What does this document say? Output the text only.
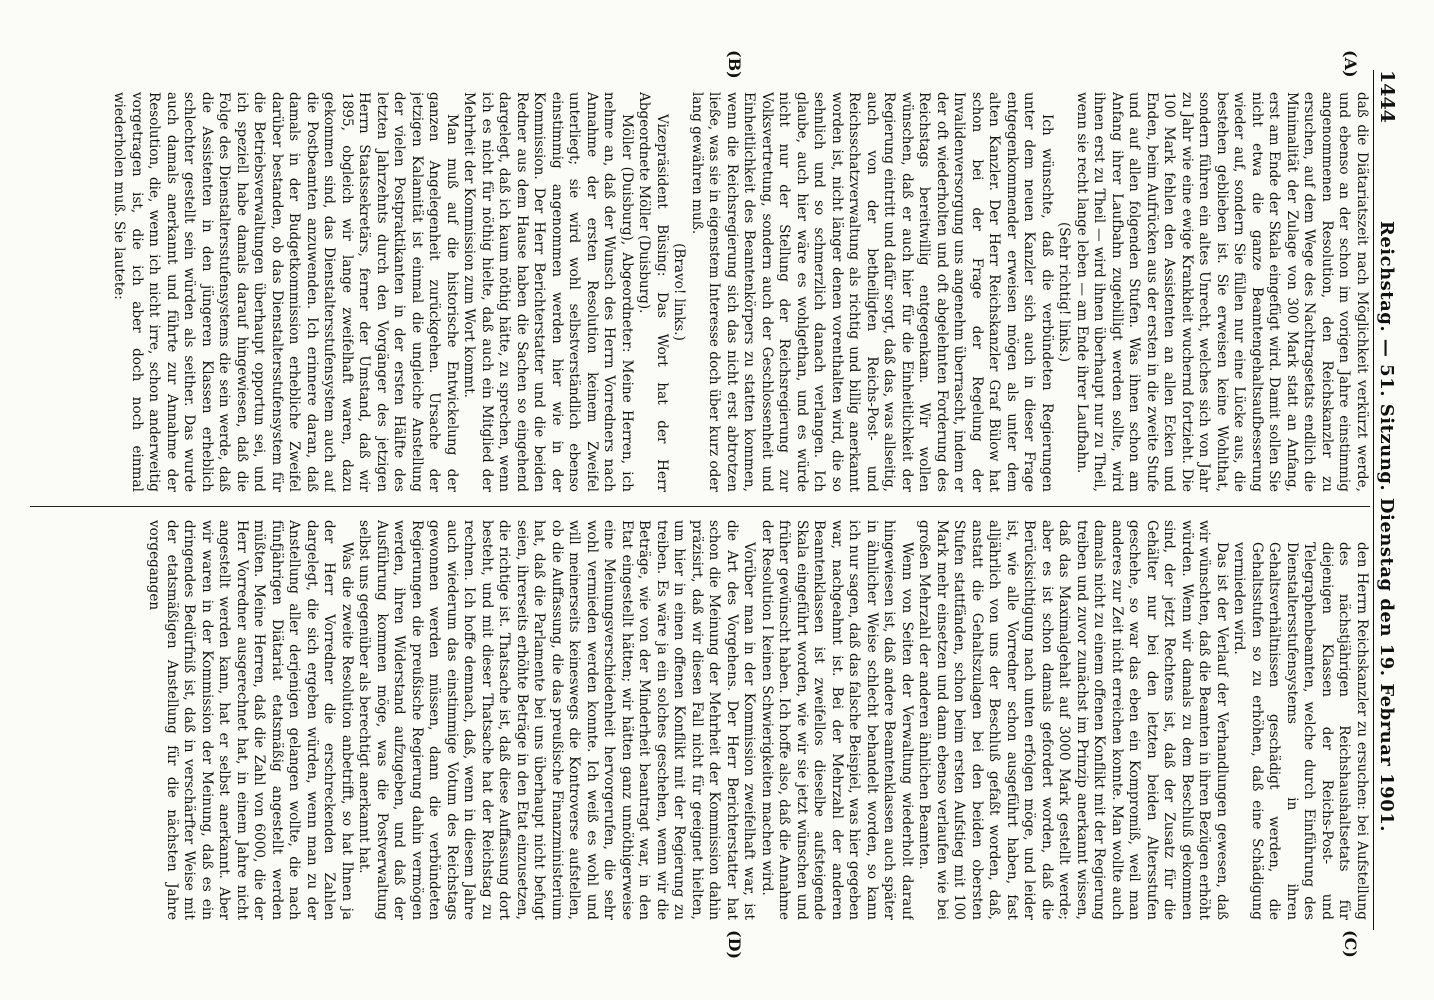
1444
Reichstag. — 51. Sitzung. Dienstag den 19. Februar 1901.
(A)
(B)
(C)
(D)

daß die Diätariatszeit nach Möglichkeit verkürzt werde, und ebenso an der schon im vorigen Jahre einstimmig angenommenen Resolution, den Reichskanzler zu ersuchen, auf dem Wege des Nachtragsetats endlich die Minimalität der Zulage von 300 Mark statt an Anfang, erst am Ende der Skala eingefügt wird. Damit sollen Sie nicht etwa die ganze Beamtengehaltsaufbesserung wieder auf, sondern Sie füllen nur eine Lücke aus, die bestehen geblieben ist. Sie erweisen keine Wohlthat, sondern führen ein altes Unrecht, welches sich von Jahr zu Jahr wie eine ewige Krankheit wuchernd fortzieht. Die 100 Mark fehlen den Assistenten an allen Ecken und Enden, beim Aufrücken aus der ersten in die zweite Stufe und auf allen folgenden Stufen. Was ihnen schon am Anfang ihrer Laufbahn zugebilligt werden sollte, wird ihnen erst zu Theil — wird ihnen überhaupt nur zu Theil, wenn sie recht lange leben — am Ende ihrer Laufbahn.

(Sehr richtig! links.)

Ich wünschte, daß die verbündeten Regierungen unter dem neuen Kanzler sich auch in dieser Frage entgegenkommender erweisen mögen als unter dem alten Kanzler. Der Herr Reichskanzler Graf Bülow hat schon bei der Frage der Regelung der Invalidenversorgung uns angenehm überrascht, indem er der oft wiederholten und oft abgelehnten Forderung des Reichstags bereitwillig entgegenkam. Wir wollen wünschen, daß er auch hier für die Einheitlichkeit der Regierung eintritt und dafür sorgt, daß das, was allseitig, auch von der betheiligten Reichs-Post- und Reichsschatzverwaltung als richtig und billig anerkannt worden ist, nicht länger denen vorenthalten wird, die so sehnlich und so schmerzlich danach verlangen. Ich glaube, auch hier wäre es wohlgethan, und es würde nicht nur der Stellung der Reichsregierung zur Volksvertretung, sondern auch der Geschlossenheit und Einheitlichkeit des Beamtenkörpers zu statten kommen, wenn die Reichsregierung sich das nicht erst abtrotzen ließe, was sie in eigenstem Interesse doch über kurz oder lang gewähren muß.

(Bravo! links.)

Vizepräsident Büsing: Das Wort hat der Herr Abgeordnete Möller (Duisburg).

Möller (Duisburg), Abgeordneter: Meine Herren, ich nehme an, daß der Wunsch des Herrn Vorredners nach Annahme der ersten Resolution keinem Zweifel unterliegt; sie wird wohl selbstverständlich ebenso einstimmig angenommen werden hier wie in der Kommission. Der Herr Berichterstatter und die beiden Redner aus dem Hause haben die Sachen so eingehend dargelegt, daß ich kaum nöthig hätte, zu sprechen, wenn ich es nicht für nöthig hielte, daß auch ein Mitglied der Mehrheit der Kommission zum Wort kommt.

Man muß auf die historische Entwickelung der ganzen Angelegenheit zurückgehen. Ursache der jetzigen Kalamität ist einmal die ungleiche Anstellung der vielen Postpraktikanten in der ersten Hälfte des letzten Jahrzehnts durch den Vorgänger des jetzigen Herrn Staatssekretärs, ferner der Umstand, daß wir 1895, obgleich wir lange zweifelhaft waren, dazu gekommen sind, das Dienstaltersstufensystem auch auf die Postbeamten anzuwenden. Ich erinnere daran, daß damals in der Budgetkommission erhebliche Zweifel darüber bestanden, ob das Dienstaltersstufensystem für die Betriebsverwaltungen überhaupt opportun sei, und ich speziell habe damals darauf hingewiesen, daß die Folge des Dienstaltersstufensystems die sein werde, daß die Assistenten in den jüngeren Klassen erheblich schlechter gestellt sein würden als seither. Das wurde auch damals anerkannt und führte zur Annahme der Resolution, die, wenn ich nicht irre, schon anderweitig vorgetragen ist, die ich aber doch noch einmal wiederholen muß. Sie lautete:

den Herrn Reichskanzler zu ersuchen: bei Aufstellung des nächstjährigen Reichshaushaltsetats für diejenigen Klassen der Reichs-Post- und Telegraphenbeamten, welche durch Einführung des Dienstaltersstufensystems in ihren Gehaltsverhältnissen geschädigt werden, die Gehaltsstufen so zu erhöhen, daß eine Schädigung vermieden wird.

Das ist der Verlauf der Verhandlungen gewesen, daß wir wünschten, daß die Beamten in ihren Bezügen erhöht würden. Wenn wir damals zu dem Beschluß gekommen sind, der jetzt Rechtens ist, daß der Zusatz für die Gehälter nur bei den letzten beiden Altersstufen geschehe, so war das eben ein Kompromiß, weil man anderes zur Zeit nicht erreichen konnte. Man wollte auch damals nicht zu einem offenen Konflikt mit der Regierung treiben und zuvor zunächst im Prinzip anerkannt wissen, daß das Maximalgehalt auf 3000 Mark gestellt werde; aber es ist schon damals gefordert worden, daß die Berücksichtigung nach unten erfolgen möge, und leider ist, wie alle Vorredner schon ausgeführt haben, fast alljährlich von uns der Beschluß gefaßt worden, daß, anstatt die Gehaltszulagen bei den beiden obersten Stufen stattfänden, schon beim ersten Aufstieg mit 100 Mark mehr einsetzen und dann ebenso verlaufen wie bei großen Mehrzahl der anderen ähnlichen Beamten.

Wenn von Seiten der Verwaltung wiederholt darauf hingewiesen ist, daß andere Beamtenklassen auch später in ähnlicher Weise schlecht behandelt worden, so kann ich nur sagen, daß das falsche Beispiel, was hier gegeben war, nachgeahmt ist. Bei der Mehrzahl der anderen Beamtenklassen ist zweifellos dieselbe aufsteigende Skala eingeführt worden, wie wir sie jetzt wünschen und früher gewünscht haben. Ich hoffe also, daß die Annahme der Resolution I keinen Schwierigkeiten machen wird.

Vorüber man in der Kommission zweifelhaft war, ist die Art des Vorgehens. Der Herr Berichterstatter hat schon die Meinung der Mehrheit der Kommission dahin präzisirt, daß wir diesen Fall nicht für geeignet hielten, um hier in einen offenen Konflikt mit der Regierung zu treiben. Es wäre ja ein solches geschehen, wenn wir die Beträge, wie von der Minderheit beantragt war, in den Etat eingestellt hätten; wir hätten ganz unnöthigerweise eine Meinungsverschiedenheit hervorgerufen, die sehr wohl vermieden werden konnte. Ich weiß es wohl und will meinerseits keineswegs die Kontroverse aufstellen, ob die Auffassung, die das preußische Finanzministerium hat, daß die Parlamente bei uns überhaupt nicht befugt seien, ihrerseits erhöhte Beträge in den Etat einzusetzen, die richtige ist. Thatsache ist, daß diese Auffassung dort besteht, und mit dieser Thatsache hat der Reichstag zu rechnen. Ich hoffe demnach, daß, wenn in diesem Jahre auch wiederum das einstimmige Votum des Reichstags gewonnen werden müssen, dann die verbündeten Regierungen die preußische Regierung dahin vermögen werden, ihren Widerstand aufzugeben, und daß der Ausführung kommen möge, was die Postverwaltung selbst uns gegenüber als berechtigt anerkannt hat.

Was die zweite Resolution anbetrifft, so hat Ihnen ja der Herr Vorredner die erschreckenden Zahlen dargelegt, die sich ergeben würden, wenn man zu der Anstellung aller derjenigen gelangen wollte, die nach fünfjährigen Diätariat etatsmäßig angestellt werden müßten. Meine Herren, daß die Zahl von 6000, die der Herr Vorredner ausgerechnet hat, in einem Jahre nicht angestellt werden kann, hat er selbst anerkannt. Aber wir waren in der Kommission der Meinung, daß es ein dringendes Bedürfniß ist, daß in verschärfter Weise mit der etatsmäßigen Anstellung für die nächsten Jahre vorgegangen
